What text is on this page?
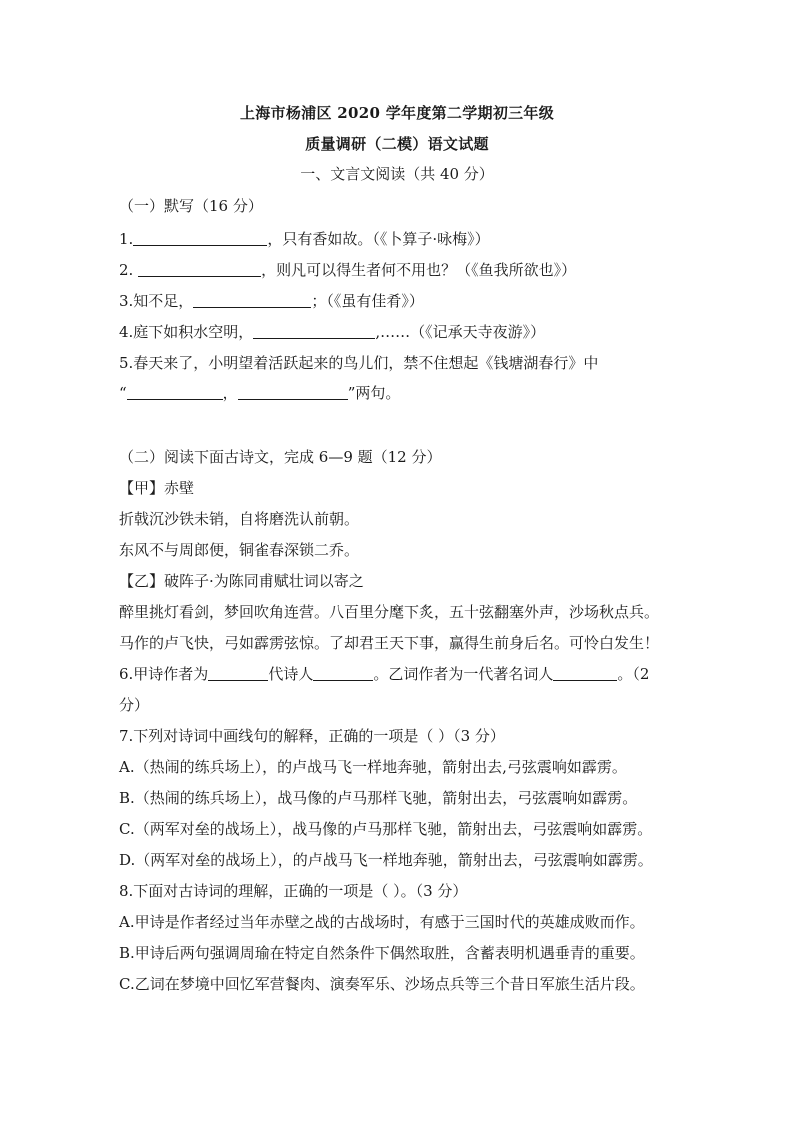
上海市杨浦区 2020 学年度第二学期初三年级
质量调研（二模）语文试题
一、文言文阅读（共 40 分）
（一）默写（16 分）
1.	，只有香如故。（《卜算子·咏梅》）
2.	，则凡可以得生者何不用也？（《鱼我所欲也》）
3.知不足，	；（《虽有佳肴》）
4.庭下如积水空明，	,……（《记承天寺夜游》）
5.春天来了，小明望着活跃起来的鸟儿们，禁不住想起《钱塘湖春行》中
“	，	”两句。
（二）阅读下面古诗文，完成 6—9 题（12 分）
【甲】赤壁
折戟沉沙铁未销，自将磨洗认前朝。
东风不与周郎便，铜雀春深锁二乔。
【乙】破阵子·为陈同甫赋壮词以寄之
醉里挑灯看剑，梦回吹角连营。八百里分麾下炙，五十弦翻塞外声，沙场秋点兵。
马作的卢飞快，弓如霹雳弦惊。了却君王天下事，赢得生前身后名。可怜白发生！
6.甲诗作者为	代诗人	。乙词作者为一代著名词人	。（2
分）
7.下列对诗词中画线句的解释，正确的一项是（ ）（3 分）
A.（热闹的练兵场上），的卢战马飞一样地奔驰，箭射出去,弓弦震响如霹雳。
B.（热闹的练兵场上），战马像的卢马那样飞驰，箭射出去，弓弦震响如霹雳。
C.（两军对垒的战场上），战马像的卢马那样飞驰，箭射出去，弓弦震响如霹雳。
D.（两军对垒的战场上），的卢战马飞一样地奔驰，箭射出去，弓弦震响如霹雳。
8.下面对古诗词的理解，正确的一项是（ ）。（3 分）
A.甲诗是作者经过当年赤壁之战的古战场时，有感于三国时代的英雄成败而作。
B.甲诗后两句强调周瑜在特定自然条件下偶然取胜，含蓄表明机遇垂青的重要。
C.乙词在梦境中回忆军营餐肉、演奏军乐、沙场点兵等三个昔日军旅生活片段。
